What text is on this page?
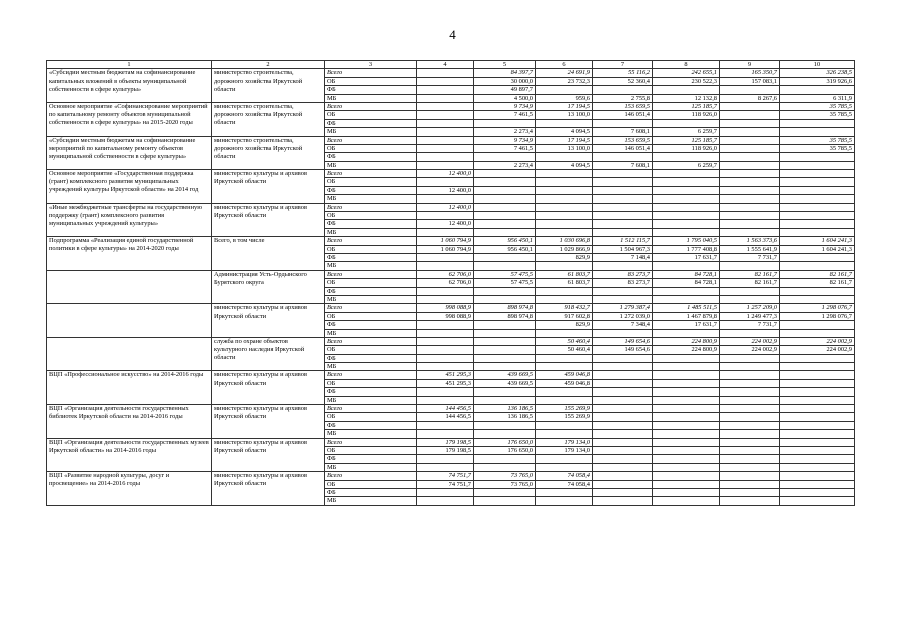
4
1	2	3	4	5	6	7	8	9	10
«Субсидии местным бюджетам на софинансирование капитальных вложений в объекты муниципальной собственности в сфере культуры»	министерство строительства, дорожного хозяйства Иркутской области	Всего		84 397,7	24 691,9	55 116,2	242 655,1	165 350,7	326 238,5
		ОБ		30 000,0	23 732,3	52 360,4	230 522,3	157 083,1	319 926,6
		ФБ		49 897,7					
		МБ		4 500,0	959,6	2 755,8	12 132,8	8 267,6	6 311,9
Основное мероприятие «Софинансирование мероприятий по капитальному ремонту объектов муниципальной собственности в сфере культуры» на 2015-2020 годы	министерство строительства, дорожного хозяйства Иркутской области	Всего		9 734,9	17 194,5	153 659,5	125 185,7		35 785,5
		ОБ		7 461,5	13 100,0	146 051,4	118 926,0		35 785,5
		ФБ							
		МБ		2 273,4	4 094,5	7 608,1	6 259,7		
«Субсидии местным бюджетам на софинансирование мероприятий по капитальному ремонту объектов муниципальной собственности в сфере культуры»	министерство строительства, дорожного хозяйства Иркутской области	Всего		9 734,9	17 194,5	153 659,5	125 185,7		35 785,5
		ОБ		7 461,5	13 100,0	146 051,4	118 926,0		35 785,5
		ФБ							
		МБ		2 273,4	4 094,5	7 608,1	6 259,7		
Основное мероприятие «Государственная поддержка (грант) комплексного развития муниципальных учреждений культуры Иркутской области» на 2014 год	министерство культуры и архивов Иркутской области	Всего	12 400,0						
		ОБ							
		ФБ	12 400,0						
		МБ							
«Иные межбюджетные трансферты на государственную поддержку (грант) комплексного развития муниципальных учреждений культуры»	министерство культуры и архивов Иркутской области	Всего	12 400,0						
		ОБ							
		ФБ	12 400,0						
		МБ							
Подпрограмма «Реализация единой государственной политики в сфере культуры» на 2014-2020 годы	Всего, в том числе	Всего	1 060 794,9	956 450,1	1 030 696,8	1 512 115,7	1 795 040,5	1 563 373,6	1 604 241,3
		ОБ	1 060 794,9	956 450,1	1 029 866,9	1 504 967,3	1 777 408,8	1 555 641,9	1 604 241,3
		ФБ			829,9	7 148,4	17 631,7	7 731,7	
		МБ							
	Администрация Усть-Ордынского Бурятского округа	Всего	62 706,0	57 475,5	61 803,7	83 273,7	84 728,1	82 161,7	82 161,7
		ОБ	62 706,0	57 475,5	61 803,7	83 273,7	84 728,1	82 161,7	82 161,7
		ФБ							
		МБ							
	министерство культуры и архивов Иркутской области	Всего	998 088,9	898 974,8	918 432,7	1 279 387,4	1 485 511,5	1 257 209,0	1 298 076,7
		ОБ	998 088,9	898 974,8	917 602,8	1 272 039,0	1 467 879,8	1 249 477,3	1 298 076,7
		ФБ			829,9	7 348,4	17 631,7	7 731,7	
		МБ							
	служба по охране объектов культурного наследия Иркутской области	Всего			50 460,4	149 654,6	224 800,9	224 002,9	224 002,9
		ОБ			50 460,4	149 654,6	224 800,9	224 002,9	224 002,9
		ФБ							
		МБ							
ВЦП «Профессиональное искусство» на 2014-2016 годы	министерство культуры и архивов Иркутской области	Всего	451 295,3	439 669,5	459 046,8				
		ОБ	451 295,3	439 669,5	459 046,8				
		ФБ							
		МБ							
ВЦП «Организация деятельности государственных библиотек Иркутской области на 2014-2016 годы	министерство культуры и архивов Иркутской области	Всего	144 456,5	136 186,5	155 269,9				
		ОБ	144 456,5	136 186,5	155 269,9				
		ФБ							
		МБ							
ВЦП «Организация деятельности государственных музеев Иркутской области» на 2014-2016 годы	министерство культуры и архивов Иркутской области	Всего	179 198,5	176 650,0	179 134,0				
		ОБ	179 198,5	176 650,0	179 134,0				
		ФБ							
		МБ							
ВЦП «Развитие народной культуры, досуг и просвещение» на 2014-2016 годы	министерство культуры и архивов Иркутской области	Всего	74 751,7	73 765,0	74 058,4				
		ОБ	74 751,7	73 765,0	74 058,4				
		ФБ							
		МБ							
